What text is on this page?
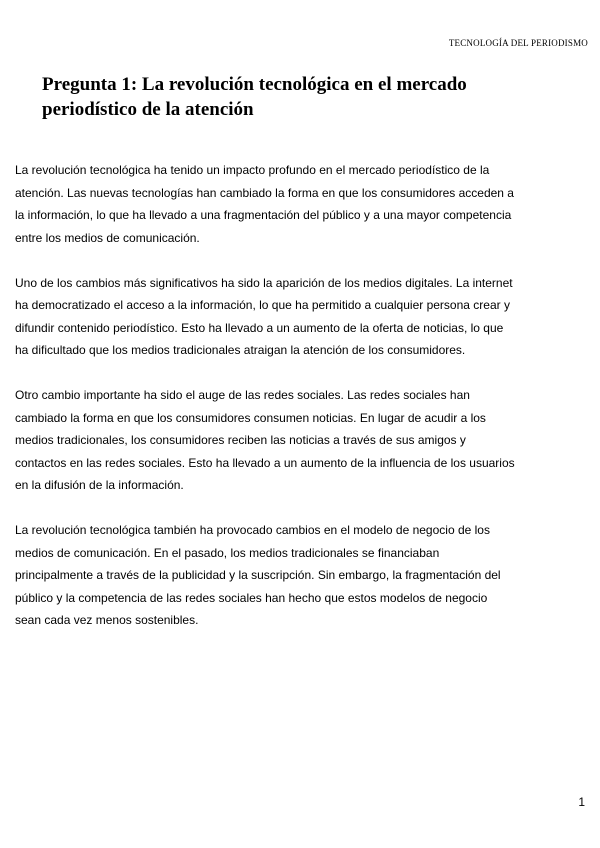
TECNOLOGÍA DEL PERIODISMO
Pregunta 1: La revolución tecnológica en el mercado periodístico de la atención

La revolución tecnológica ha tenido un impacto profundo en el mercado periodístico de la atención. Las nuevas tecnologías han cambiado la forma en que los consumidores acceden a la información, lo que ha llevado a una fragmentación del público y a una mayor competencia entre los medios de comunicación.

Uno de los cambios más significativos ha sido la aparición de los medios digitales. La internet ha democratizado el acceso a la información, lo que ha permitido a cualquier persona crear y difundir contenido periodístico. Esto ha llevado a un aumento de la oferta de noticias, lo que ha dificultado que los medios tradicionales atraigan la atención de los consumidores.

Otro cambio importante ha sido el auge de las redes sociales. Las redes sociales han cambiado la forma en que los consumidores consumen noticias. En lugar de acudir a los medios tradicionales, los consumidores reciben las noticias a través de sus amigos y contactos en las redes sociales. Esto ha llevado a un aumento de la influencia de los usuarios en la difusión de la información.

La revolución tecnológica también ha provocado cambios en el modelo de negocio de los medios de comunicación. En el pasado, los medios tradicionales se financiaban principalmente a través de la publicidad y la suscripción. Sin embargo, la fragmentación del público y la competencia de las redes sociales han hecho que estos modelos de negocio sean cada vez menos sostenibles.

1
